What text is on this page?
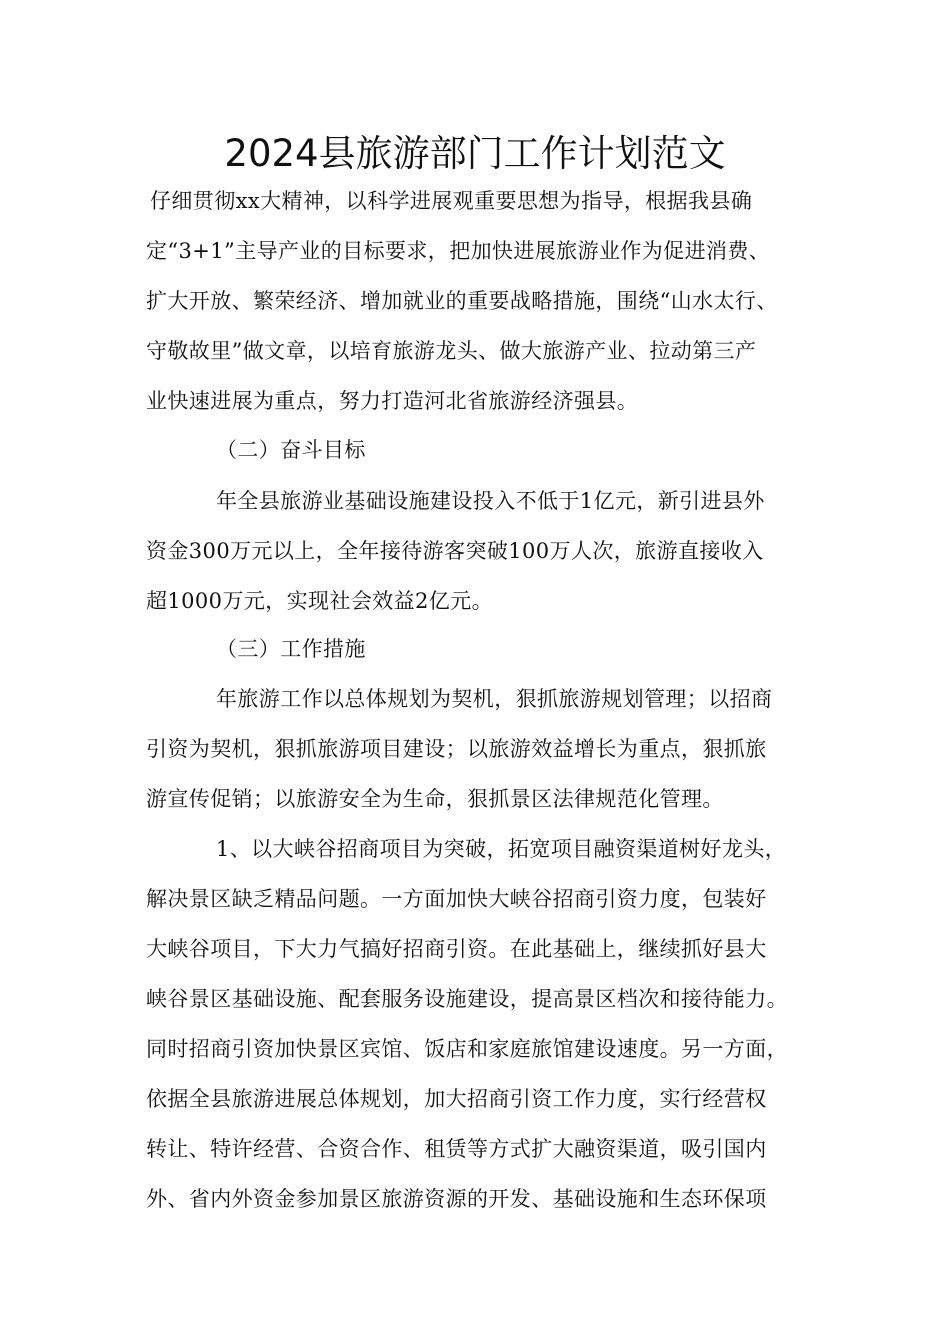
2024县旅游部门工作计划范文

仔细贯彻xx大精神，以科学进展观重要思想为指导，根据我县确

定“3+1”主导产业的目标要求，把加快进展旅游业作为促进消费、

扩大开放、繁荣经济、增加就业的重要战略措施，围绕“山水太行、

守敬故里”做文章，以培育旅游龙头、做大旅游产业、拉动第三产

业快速进展为重点，努力打造河北省旅游经济强县。

（二）奋斗目标

年全县旅游业基础设施建设投入不低于1亿元，新引进县外

资金300万元以上，全年接待游客突破100万人次，旅游直接收入

超1000万元，实现社会效益2亿元。

（三）工作措施

年旅游工作以总体规划为契机，狠抓旅游规划管理；以招商

引资为契机，狠抓旅游项目建设；以旅游效益增长为重点，狠抓旅

游宣传促销；以旅游安全为生命，狠抓景区法律规范化管理。

1、以大峡谷招商项目为突破，拓宽项目融资渠道树好龙头，

解决景区缺乏精品问题。一方面加快大峡谷招商引资力度，包装好

大峡谷项目，下大力气搞好招商引资。在此基础上，继续抓好县大

峡谷景区基础设施、配套服务设施建设，提高景区档次和接待能力。

同时招商引资加快景区宾馆、饭店和家庭旅馆建设速度。另一方面，

依据全县旅游进展总体规划，加大招商引资工作力度，实行经营权

转让、特许经营、合资合作、租赁等方式扩大融资渠道，吸引国内

外、省内外资金参加景区旅游资源的开发、基础设施和生态环保项
